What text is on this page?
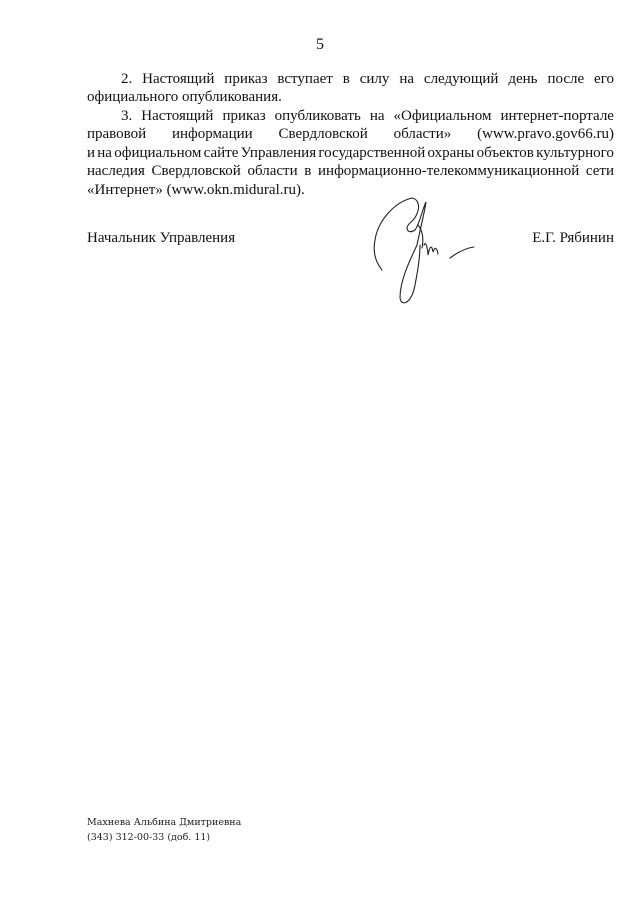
5
2. Настоящий приказ вступает в силу на следующий день после его
официального опубликования.
3. Настоящий приказ опубликовать на «Официальном интернет-портале
правовой информации Свердловской области» (www.pravo.gov66.ru)
и на официальном сайте Управления государственной охраны объектов культурного
наследия Свердловской области в информационно-телекоммуникационной сети
«Интернет» (www.okn.midural.ru).
Начальник Управления	Е.Г. Рябинин
Махнева Альбина Дмитриевна
(343) 312-00-33 (доб. 11)
